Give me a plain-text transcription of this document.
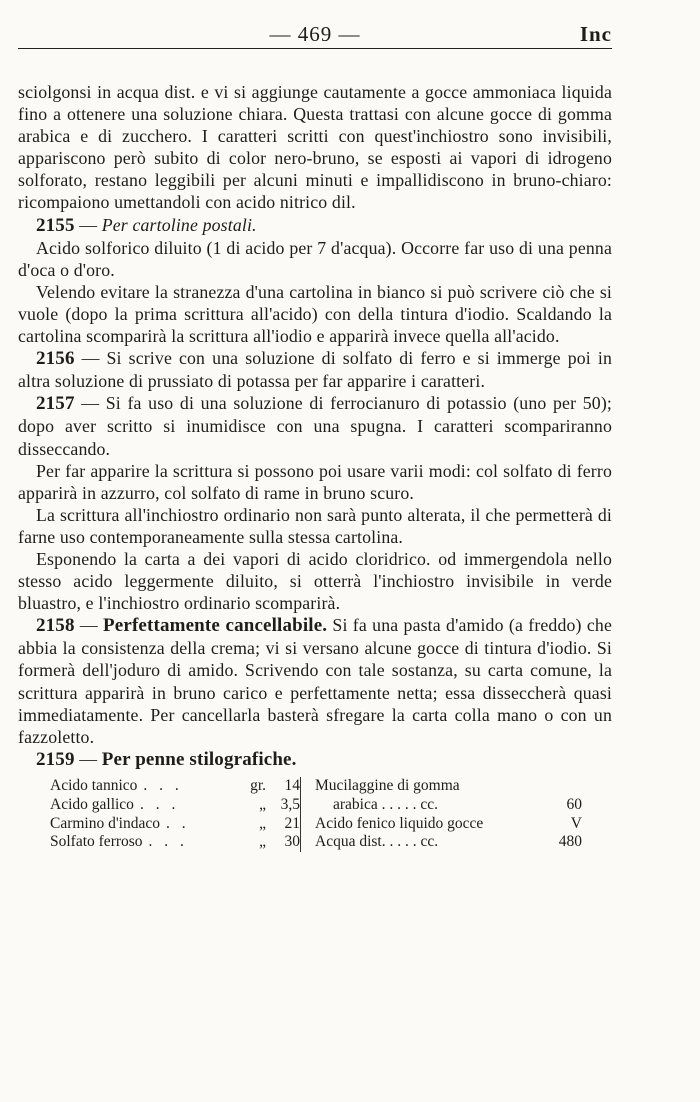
— 469 —	Inc

sciolgonsi in acqua dist. e vi si aggiunge cautamente a gocce ammoniaca liquida fino a ottenere una soluzione chiara. Questa trattasi con alcune gocce di gomma arabica e di zucchero. I caratteri scritti con quest'inchiostro sono invisibili, appariscono però subito di color nero-bruno, se esposti ai vapori di idrogeno solforato, restano leggibili per alcuni minuti e impallidiscono in bruno-chiaro: ricompaiono umettandoli con acido nitrico dil.

2155 — Per cartoline postali.

Acido solforico diluito (1 di acido per 7 d'acqua). Occorre far uso di una penna d'oca o d'oro.

Velendo evitare la stranezza d'una cartolina in bianco si può scrivere ciò che si vuole (dopo la prima scrittura all'acido) con della tintura d'iodio. Scaldando la cartolina scomparirà la scrittura all'iodio e apparirà invece quella all'acido.

2156 — Si scrive con una soluzione di solfato di ferro e si immerge poi in altra soluzione di prussiato di potassa per far apparire i caratteri.

2157 — Si fa uso di una soluzione di ferrocianuro di potassio (uno per 50); dopo aver scritto si inumidisce con una spugna. I caratteri scompariranno disseccando.

Per far apparire la scrittura si possono poi usare varii modi: col solfato di ferro apparirà in azzurro, col solfato di rame in bruno scuro.

La scrittura all'inchiostro ordinario non sarà punto alterata, il che permetterà di farne uso contemporaneamente sulla stessa cartolina.

Esponendo la carta a dei vapori di acido cloridrico. od immergendola nello stesso acido leggermente diluito, si otterrà l'inchiostro invisibile in verde bluastro, e l'inchiostro ordinario scomparirà.

2158 — Perfettamente cancellabile. Si fa una pasta d'amido (a freddo) che abbia la consistenza della crema; vi si versano alcune gocce di tintura d'iodio. Si formerà dell'joduro di amido. Scrivendo con tale sostanza, su carta comune, la scrittura apparirà in bruno carico e perfettamente netta; essa disseccherà quasi immediatamente. Per cancellarla basterà sfregare la carta colla mano o con un fazzoletto.

2159 — Per penne stilografiche.

Acido tannico . . .	gr.	14
Acido gallico . . .	„ 3,5
Carmino d'indaco . .	„	21
Solfato ferroso . . .	„	30
Mucilaggine di gomma
arabica . . . . . cc.	60
Acido fenico liquido gocce	V
Acqua dist. . . . . cc.	480
